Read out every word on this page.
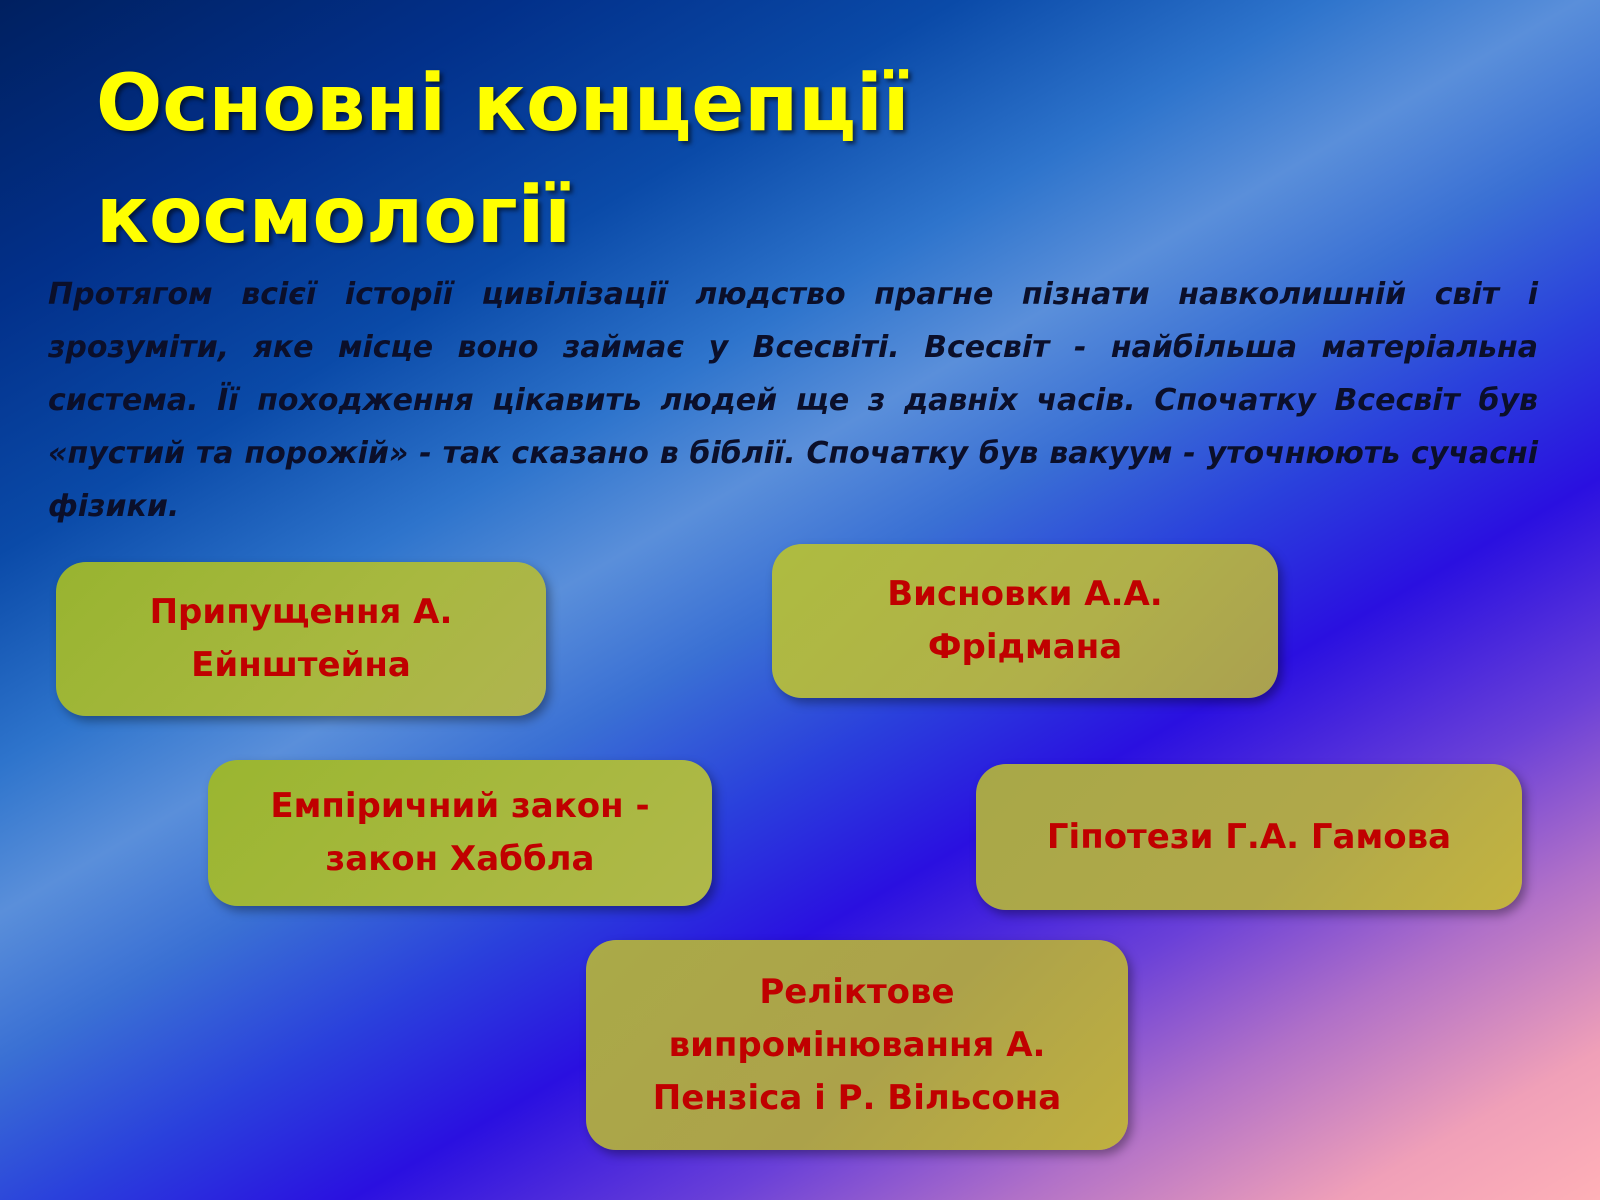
Основні концепції космології

Протягом всієї історії цивілізації людство прагне пізнати навколишній світ і зрозуміти, яке місце воно займає у Всесвіті. Всесвіт - найбільша матеріальна система. Її походження цікавить людей ще з давніх часів. Спочатку Всесвіт був «пустий та порожій» - так сказано в біблії. Спочатку був вакуум - уточнюють сучасні фізики.

Припущення А. Ейнштейна
Висновки А.А. Фрідмана
Емпіричний закон - закон Хаббла
Гіпотези Г.А. Гамова
Реліктове випромінювання А. Пензіса і Р. Вільсона
